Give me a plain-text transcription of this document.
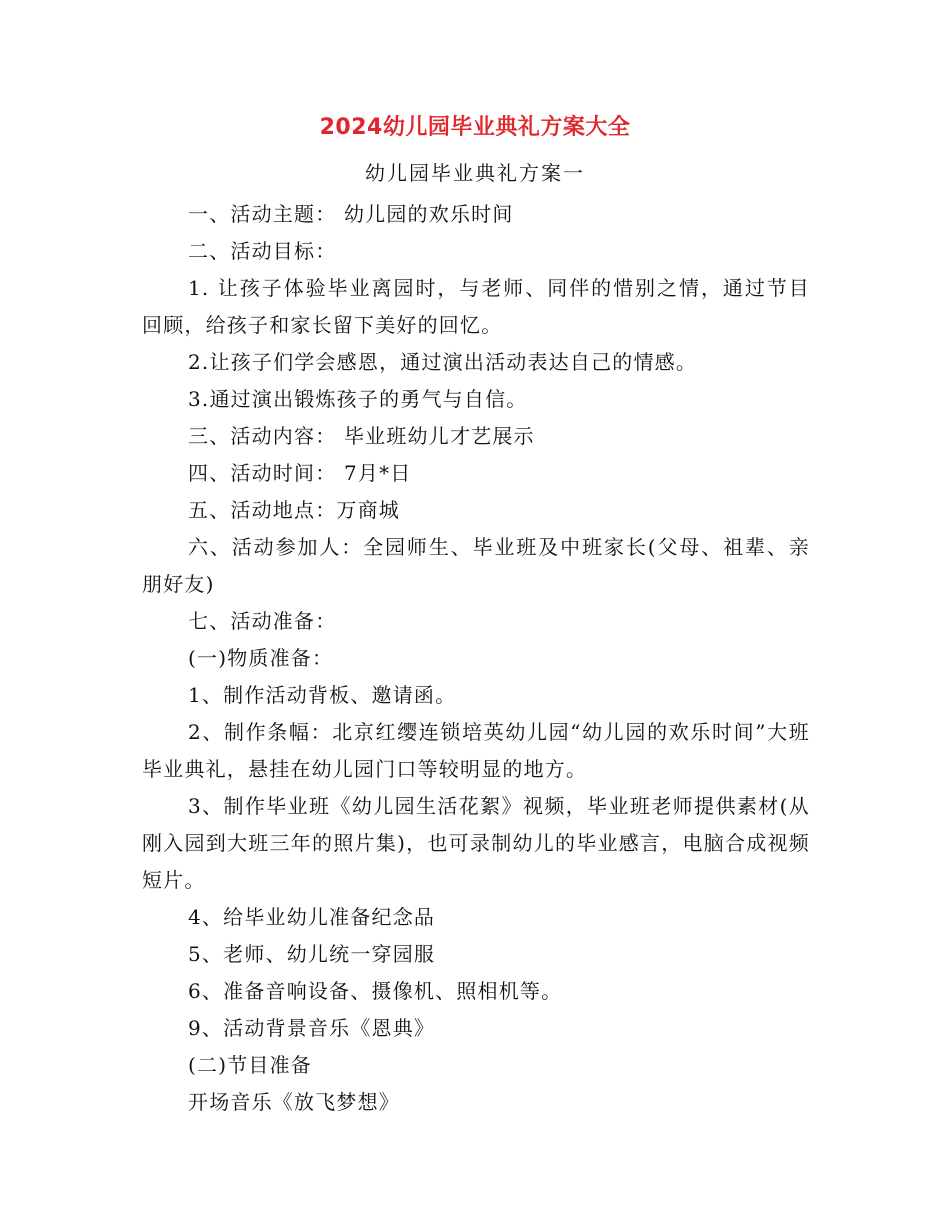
2024幼儿园毕业典礼方案大全
幼儿园毕业典礼方案一

一、活动主题： 幼儿园的欢乐时间

二、活动目标：

1. 让孩子体验毕业离园时，与老师、同伴的惜别之情，通过节目回顾，给孩子和家长留下美好的回忆。

2.让孩子们学会感恩，通过演出活动表达自己的情感。

3.通过演出锻炼孩子的勇气与自信。

三、活动内容： 毕业班幼儿才艺展示

四、活动时间： 7月*日

五、活动地点：万商城

六、活动参加人：全园师生、毕业班及中班家长(父母、祖辈、亲朋好友)

七、活动准备：

(一)物质准备：

1、制作活动背板、邀请函。

2、制作条幅：北京红缨连锁培英幼儿园“幼儿园的欢乐时间”大班毕业典礼，悬挂在幼儿园门口等较明显的地方。

3、制作毕业班《幼儿园生活花絮》视频，毕业班老师提供素材(从刚入园到大班三年的照片集)，也可录制幼儿的毕业感言，电脑合成视频短片。

4、给毕业幼儿准备纪念品

5、老师、幼儿统一穿园服

6、准备音响设备、摄像机、照相机等。

9、活动背景音乐《恩典》

(二)节目准备

开场音乐《放飞梦想》
